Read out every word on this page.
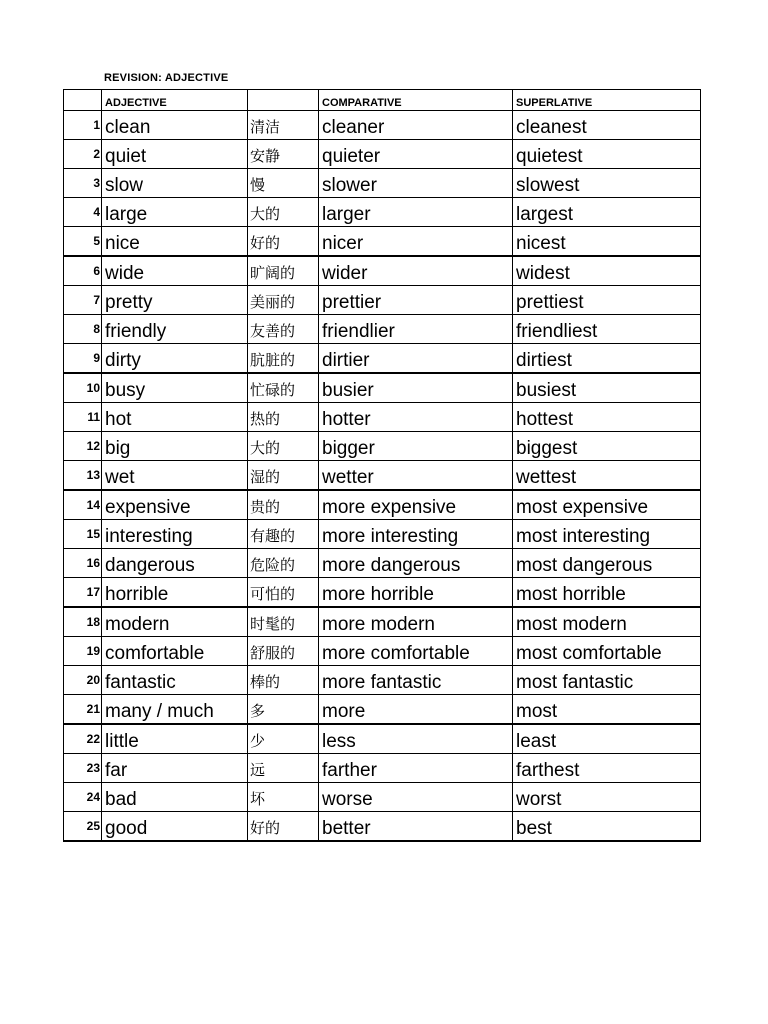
REVISION: ADJECTIVE
	ADJECTIVE		COMPARATIVE	SUPERLATIVE
1	clean	清洁	cleaner	cleanest
2	quiet	安静	quieter	quietest
3	slow	慢	slower	slowest
4	large	大的	larger	largest
5	nice	好的	nicer	nicest
6	wide	旷阔的	wider	widest
7	pretty	美丽的	prettier	prettiest
8	friendly	友善的	friendlier	friendliest
9	dirty	肮脏的	dirtier	dirtiest
10	busy	忙碌的	busier	busiest
11	hot	热的	hotter	hottest
12	big	大的	bigger	biggest
13	wet	湿的	wetter	wettest
14	expensive	贵的	more expensive	most expensive
15	interesting	有趣的	more interesting	most interesting
16	dangerous	危险的	more dangerous	most dangerous
17	horrible	可怕的	more horrible	most horrible
18	modern	时髦的	more modern	most modern
19	comfortable	舒服的	more comfortable	most comfortable
20	fantastic	棒的	more fantastic	most fantastic
21	many / much	多	more	most
22	little	少	less	least
23	far	远	farther	farthest
24	bad	坏	worse	worst
25	good	好的	better	best
